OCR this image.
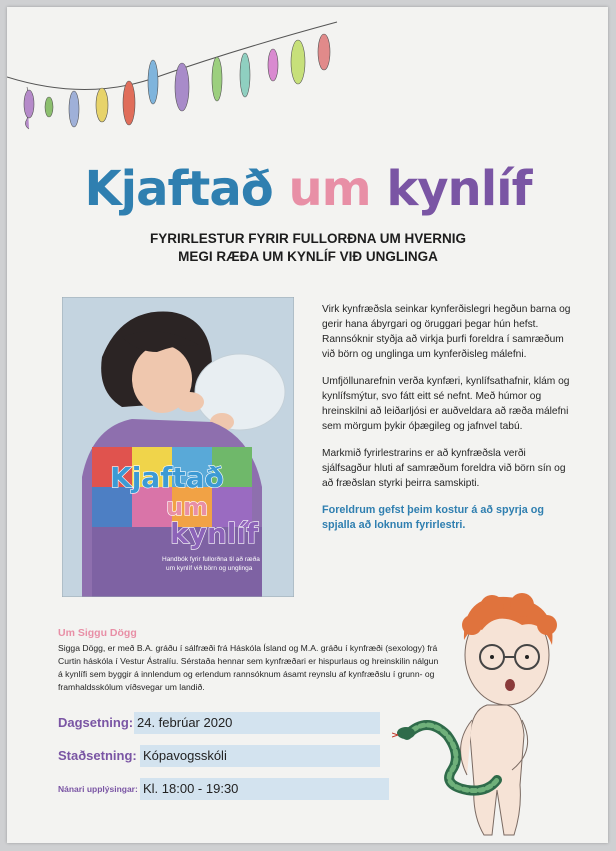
Kjaftað um kynlíf
FYRIRLESTUR FYRIR FULLORÐNA UM HVERNIG
MEGI RÆÐA UM KYNLÍF VIÐ UNGLINGA
Kjaftað
um
kynlíf
Handbók fyrir fullorðna til að ræða
um kynlíf við börn og unglinga

Virk kynfræðsla seinkar kynferðislegri hegðun barna og gerir hana ábyrgari og öruggari þegar hún hefst. Rannsóknir styðja að virkja þurfi foreldra í samræðum við börn og unglinga um kynferðisleg málefni.

Umfjöllunarefnin verða kynfæri, kynlífsathafnir, klám og kynlífsmýtur, svo fátt eitt sé nefnt. Með húmor og hreinskilni að leiðarljósi er auðveldara að ræða málefni sem mörgum þykir óþægileg og jafnvel tabú.

Markmið fyrirlestrarins er að kynfræðsla verði sjálfsagður hluti af samræðum foreldra við börn sín og að fræðslan styrki þeirra samskipti.

Foreldrum gefst þeim kostur á að spyrja og spjalla að loknum fyrirlestri.

Um Siggu Dögg
Sigga Dögg, er með B.A. gráðu í sálfræði frá Háskóla Ísland og M.A. gráðu í kynfræði (sexology) frá Curtin háskóla í Vestur Ástralíu. Sérstaða hennar sem kynfræðari er hispurlaus og hreinskilin nálgun á kynlífi sem byggir á innlendum og erlendum rannsóknum ásamt reynslu af kynfræðslu í grunn- og framhaldsskólum víðsvegar um landið.
Dagsetning: 24. febrúar 2020
Staðsetning: Kópavogsskóli
Nánari upplýsingar: Kl. 18:00 - 19:30
